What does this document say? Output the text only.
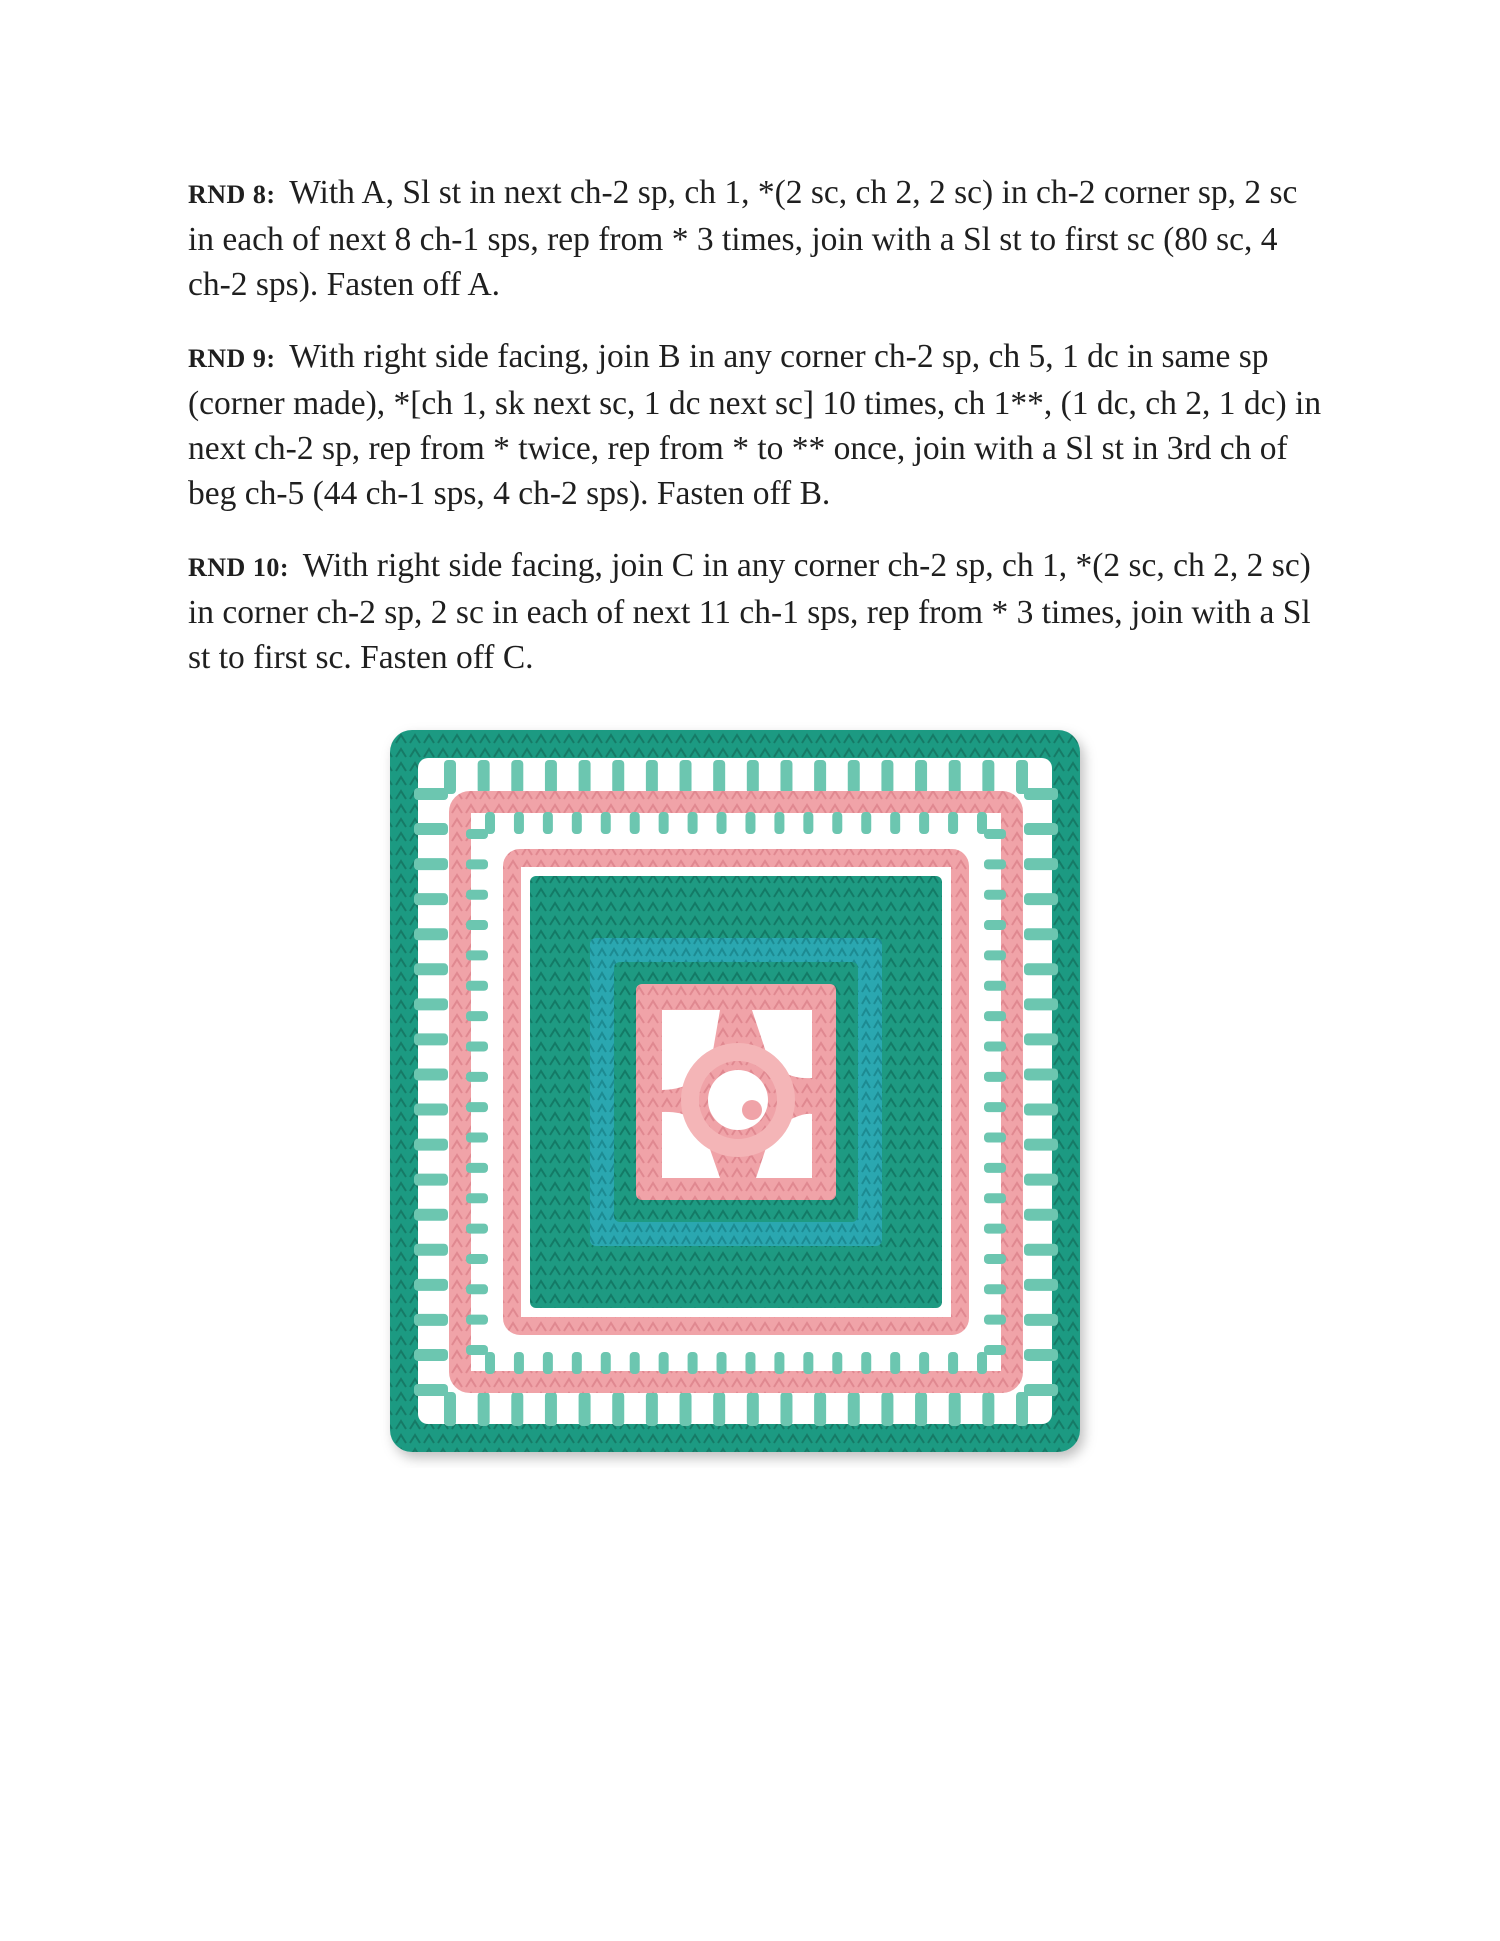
RND 8: With A, Sl st in next ch-2 sp, ch 1, *(2 sc, ch 2, 2 sc) in ch-2 corner sp, 2 sc in each of next 8 ch-1 sps, rep from * 3 times, join with a Sl st to first sc (80 sc, 4 ch-2 sps). Fasten off A.

RND 9: With right side facing, join B in any corner ch-2 sp, ch 5, 1 dc in same sp (corner made), *[ch 1, sk next sc, 1 dc next sc] 10 times, ch 1**, (1 dc, ch 2, 1 dc) in next ch-2 sp, rep from * twice, rep from * to ** once, join with a Sl st in 3rd ch of beg ch-5 (44 ch-1 sps, 4 ch-2 sps). Fasten off B.

RND 10: With right side facing, join C in any corner ch-2 sp, ch 1, *(2 sc, ch 2, 2 sc) in corner ch-2 sp, 2 sc in each of next 11 ch-1 sps, rep from * 3 times, join with a Sl st to first sc. Fasten off C.
